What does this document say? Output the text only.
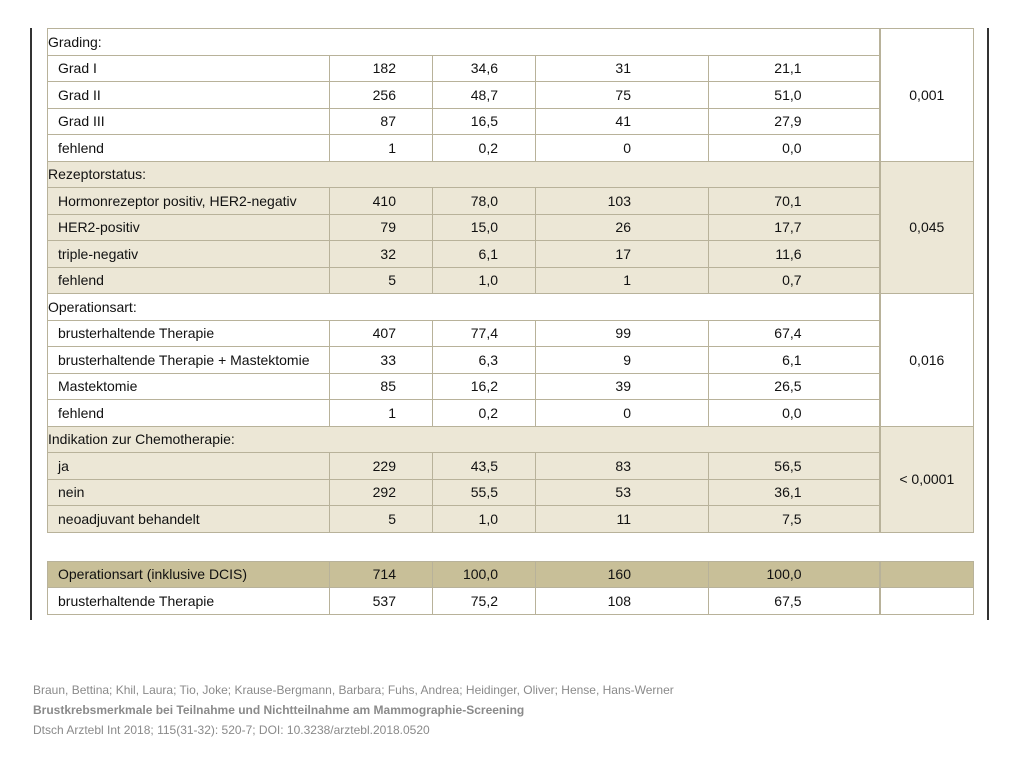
Grading:					0,001
Grad I	182	34,6	31	21,1	
Grad II	256	48,7	75	51,0	
Grad III	87	16,5	41	27,9	
fehlend	1	0,2	0	0,0	
Rezeptorstatus:					0,045
Hormonrezeptor positiv, HER2-negativ	410	78,0	103	70,1	
HER2-positiv	79	15,0	26	17,7	
triple-negativ	32	6,1	17	11,6	
fehlend	5	1,0	1	0,7	
Operationsart:					0,016
brusterhaltende Therapie	407	77,4	99	67,4	
brusterhaltende Therapie + Mastektomie	33	6,3	9	6,1	
Mastektomie	85	16,2	39	26,5	
fehlend	1	0,2	0	0,0	
Indikation zur Chemotherapie:					< 0,0001
ja	229	43,5	83	56,5	
nein	292	55,5	53	36,1	
neoadjuvant behandelt	5	1,0	11	7,5	

Operationsart (inklusive DCIS)	714	100,0	160	100,0	
brusterhaltende Therapie	537	75,2	108	67,5	
Braun, Bettina; Khil, Laura; Tio, Joke; Krause-Bergmann, Barbara; Fuhs, Andrea; Heidinger, Oliver; Hense, Hans-Werner
Brustkrebsmerkmale bei Teilnahme und Nichtteilnahme am Mammographie-Screening
Dtsch Arztebl Int 2018; 115(31-32): 520-7; DOI: 10.3238/arztebl.2018.0520
